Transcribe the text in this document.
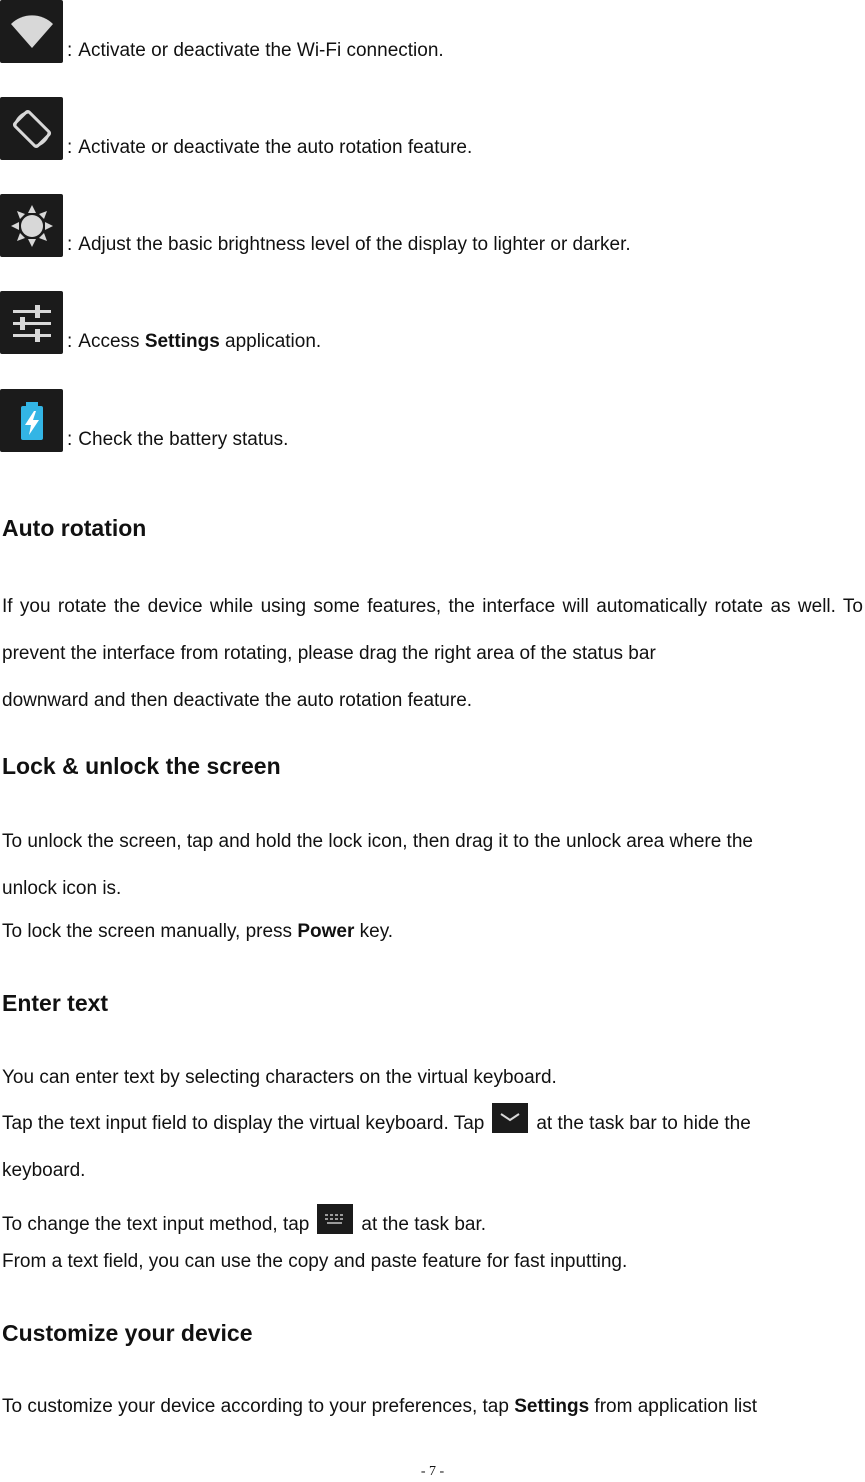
: Activate or deactivate the Wi-Fi connection.
: Activate or deactivate the auto rotation feature.
: Adjust the basic brightness level of the display to lighter or darker.
: Access Settings application.
: Check the battery status.
Auto rotation
If you rotate the device while using some features, the interface will automatically rotate as well. To prevent the interface from rotating, please drag the right area of the status bar
downward and then deactivate the auto rotation feature.
Lock & unlock the screen
To unlock the screen, tap and hold the lock icon, then drag it to the unlock area where the
unlock icon is.
To lock the screen manually, press Power key.
Enter text
You can enter text by selecting characters on the virtual keyboard.
Tap the text input field to display the virtual keyboard. Tap	at the task bar to hide the
keyboard.
To change the text input method, tap	at the task bar.
From a text field, you can use the copy and paste feature for fast inputting.
Customize your device
To customize your device according to your preferences, tap Settings from application list
- 7 -
